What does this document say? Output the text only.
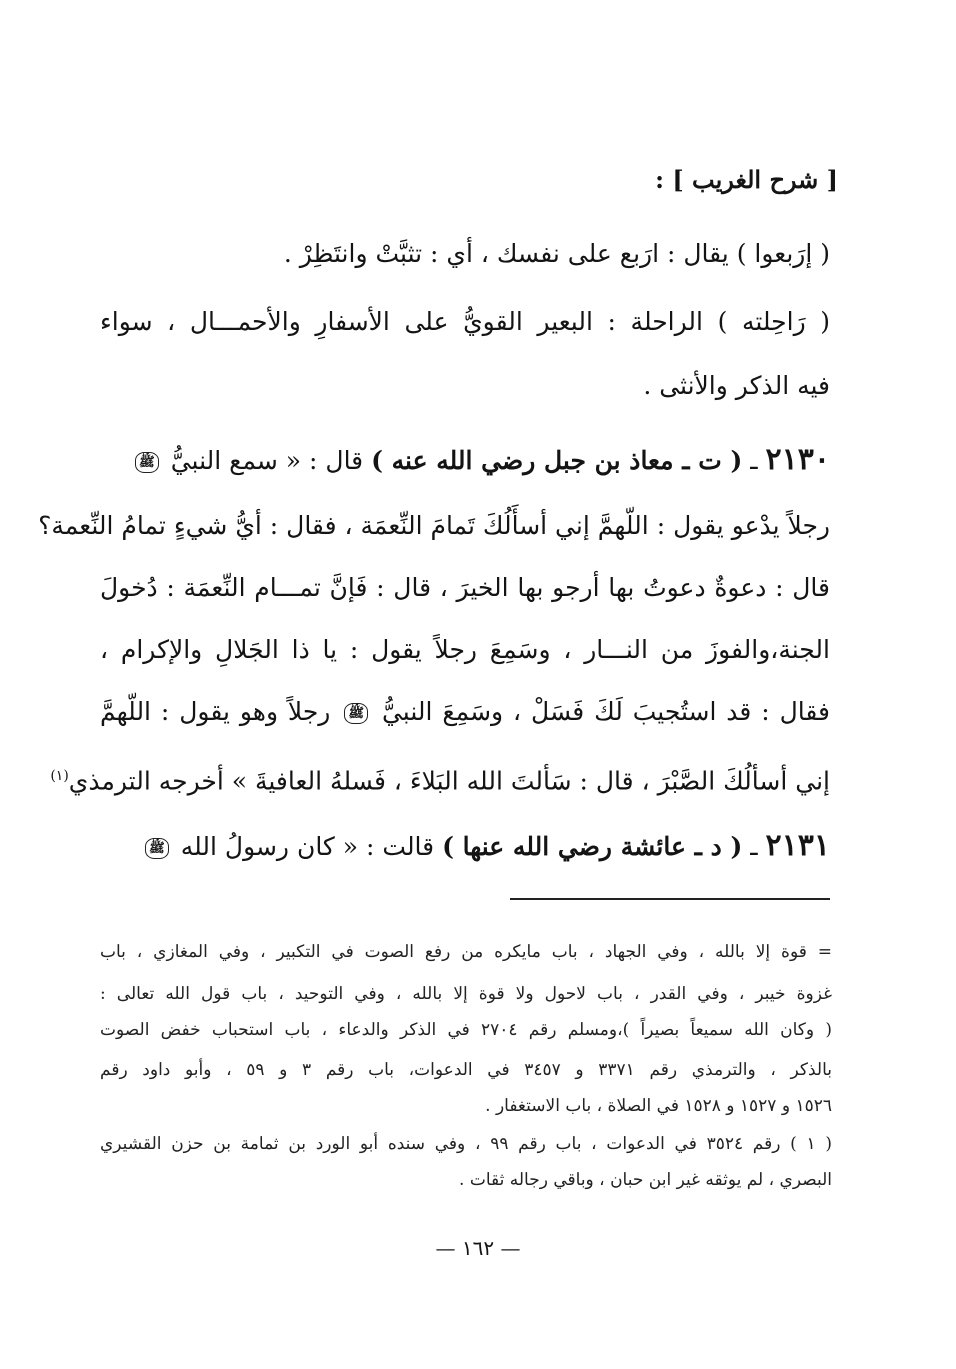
[ شرح الغريب ] :
( إرَبعوا ) يقال : ارَبع على نفسك ، أي : تثبَّتْ وانتَظِرْ .
( رَاحِلته ) الراحلة : البعير القويُّ على الأسفارِ والأحمـــال ، سواء
فيه الذكر والأنثى .
٢١٣٠ ـ ( ت ـ معاذ بن جبل رضي الله عنه ) قال : « سمع النبيُّ ﷺ
رجلاً يدْعو يقول : اللّهمَّ إني أسأَلُكَ تَمامَ النِّعمَة ، فقال : أيُّ شيءٍ تمامُ النِّعمة؟
قال : دعوةٌ دعوتُ بها أرجو بها الخيرَ ، قال : فَإنَّ تمـــام النِّعمَة : دُخولَ
الجنة،والفوزَ من النـــار ، وسَمِعَ رجلاً يقول : يا ذا الجَلالِ والإكرام ،
فقال : قد استُجيبَ لَكَ فَسَلْ ، وسَمِعَ النبيُّ ﷺ رجلاً وهو يقول : اللّهمَّ
إني أسألُكَ الصَّبْرَ ، قال : سَألتَ الله البَلاءَ ، فَسلهُ العافيةَ » أخرجه الترمذي$^{(١)}$
٢١٣١ ـ ( د ـ عائشة رضي الله عنها ) قالت : « كان رسولُ الله ﷺ
= قوة إلا بالله ، وفي الجهاد ، باب مايكره من رفع الصوت في التكبير ، وفي المغازي ، باب
غزوة خيبر ، وفي القدر ، باب لاحول ولا قوة إلا بالله ، وفي التوحيد ، باب قول الله تعالى :
( وكان الله سميعاً بصيراً )،ومسلم رقم ٢٧٠٤ في الذكر والدعاء ، باب استحباب خفض الصوت
بالذكر ، والترمذي رقم ٣٣٧١ و ٣٤٥٧ في الدعوات، باب رقم ٣ و ٥٩ ، وأبو داود رقم
١٥٢٦ و ١٥٢٧ و ١٥٢٨ في الصلاة ، باب الاستغفار .
( ١ ) رقم ٣٥٢٤ في الدعوات ، باب رقم ٩٩ ، وفي سنده أبو الورد بن ثمامة بن حزن القشيري
البصري ، لم يوثقه غير ابن حبان ، وباقي رجاله ثقات .
— ١٦٢ —
